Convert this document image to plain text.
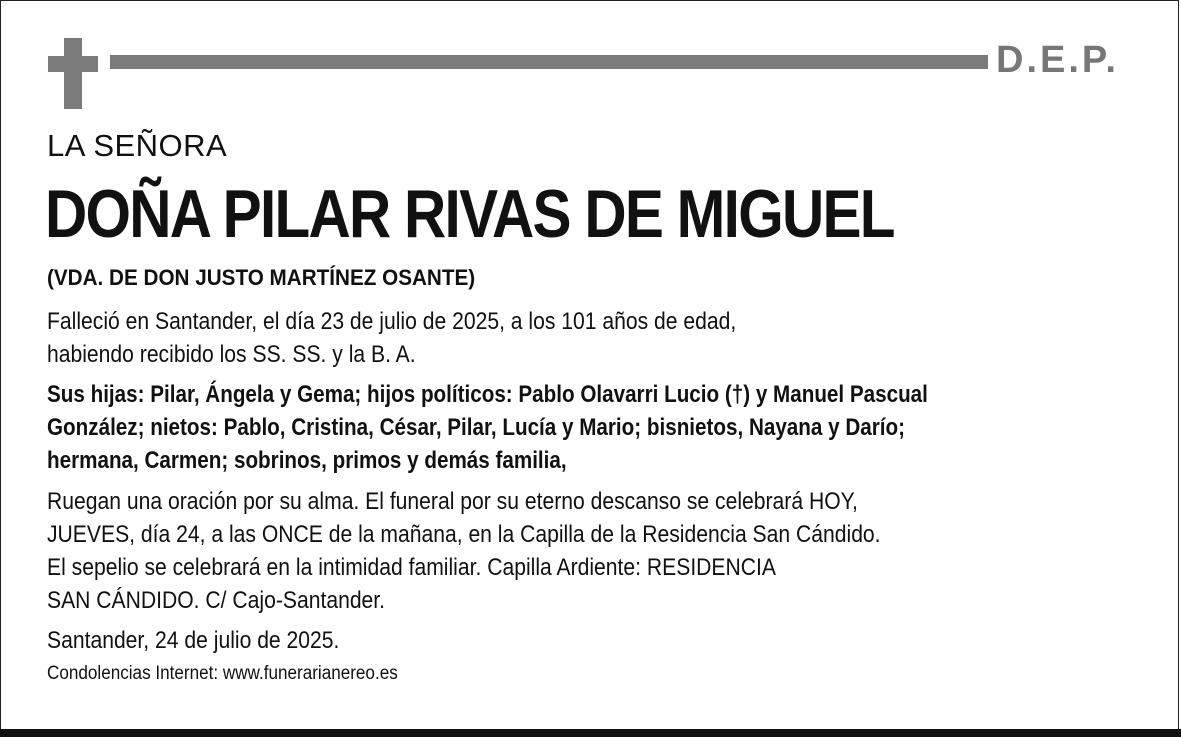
D.E.P.
LA SEÑORA
DOÑA PILAR RIVAS DE MIGUEL
(VDA. DE DON JUSTO MARTÍNEZ OSANTE)
Falleció en Santander, el día 23 de julio de 2025, a los 101 años de edad,
habiendo recibido los SS. SS. y la B. A.
Sus hijas: Pilar, Ángela y Gema; hijos políticos: Pablo Olavarri Lucio (†) y Manuel Pascual
González; nietos: Pablo, Cristina, César, Pilar, Lucía y Mario; bisnietos, Nayana y Darío;
hermana, Carmen; sobrinos, primos y demás familia,
Ruegan una oración por su alma. El funeral por su eterno descanso se celebrará HOY,
JUEVES, día 24, a las ONCE de la mañana, en la Capilla de la Residencia San Cándido.
El sepelio se celebrará en la intimidad familiar. Capilla Ardiente: RESIDENCIA
SAN CÁNDIDO. C/ Cajo-Santander.
Santander, 24 de julio de 2025.
Condolencias Internet: www.funerarianereo.es
